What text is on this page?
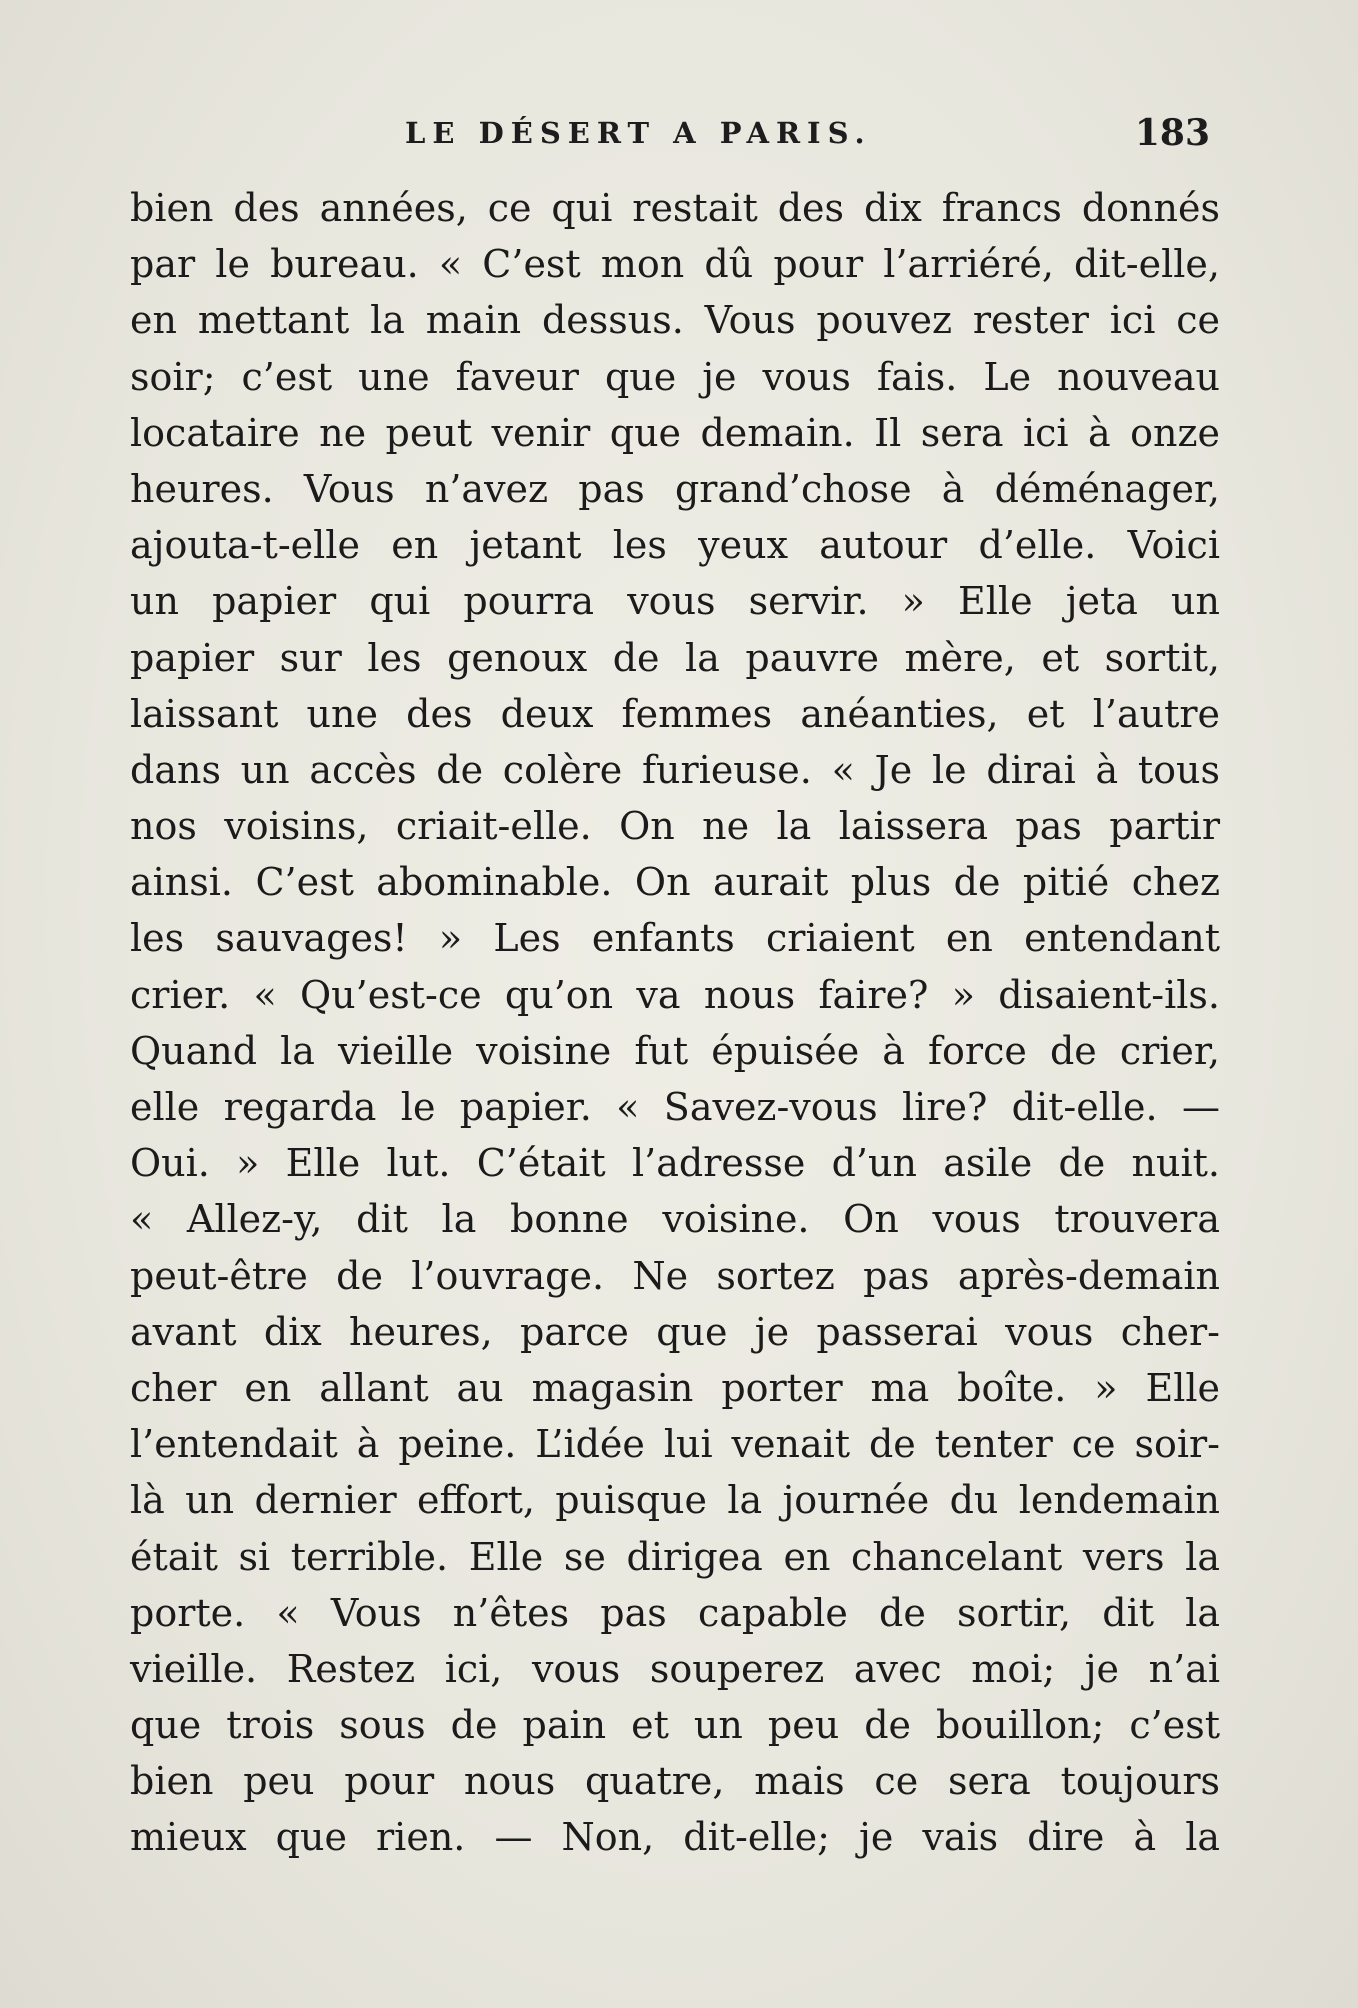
LE DÉSERT A PARIS.	183
bien des années, ce qui restait des dix francs donnés
par le bureau. « C’est mon dû pour l’arriéré, dit-elle,
en mettant la main dessus. Vous pouvez rester ici ce
soir; c’est une faveur que je vous fais. Le nouveau
locataire ne peut venir que demain. Il sera ici à onze
heures. Vous n’avez pas grand’chose à déménager,
ajouta-t-elle en jetant les yeux autour d’elle. Voici
un papier qui pourra vous servir. » Elle jeta un
papier sur les genoux de la pauvre mère, et sortit,
laissant une des deux femmes anéanties, et l’autre
dans un accès de colère furieuse. « Je le dirai à tous
nos voisins, criait-elle. On ne la laissera pas partir
ainsi. C’est abominable. On aurait plus de pitié chez
les sauvages! » Les enfants criaient en entendant
crier. « Qu’est-ce qu’on va nous faire? » disaient-ils.
Quand la vieille voisine fut épuisée à force de crier,
elle regarda le papier. « Savez-vous lire? dit-elle. —
Oui. » Elle lut. C’était l’adresse d’un asile de nuit.
« Allez-y, dit la bonne voisine. On vous trouvera
peut-être de l’ouvrage. Ne sortez pas après-demain
avant dix heures, parce que je passerai vous cher-
cher en allant au magasin porter ma boîte. » Elle
l’entendait à peine. L’idée lui venait de tenter ce soir-
là un dernier effort, puisque la journée du lendemain
était si terrible. Elle se dirigea en chancelant vers la
porte. « Vous n’êtes pas capable de sortir, dit la
vieille. Restez ici, vous souperez avec moi; je n’ai
que trois sous de pain et un peu de bouillon; c’est
bien peu pour nous quatre, mais ce sera toujours
mieux que rien. — Non, dit-elle; je vais dire à la
